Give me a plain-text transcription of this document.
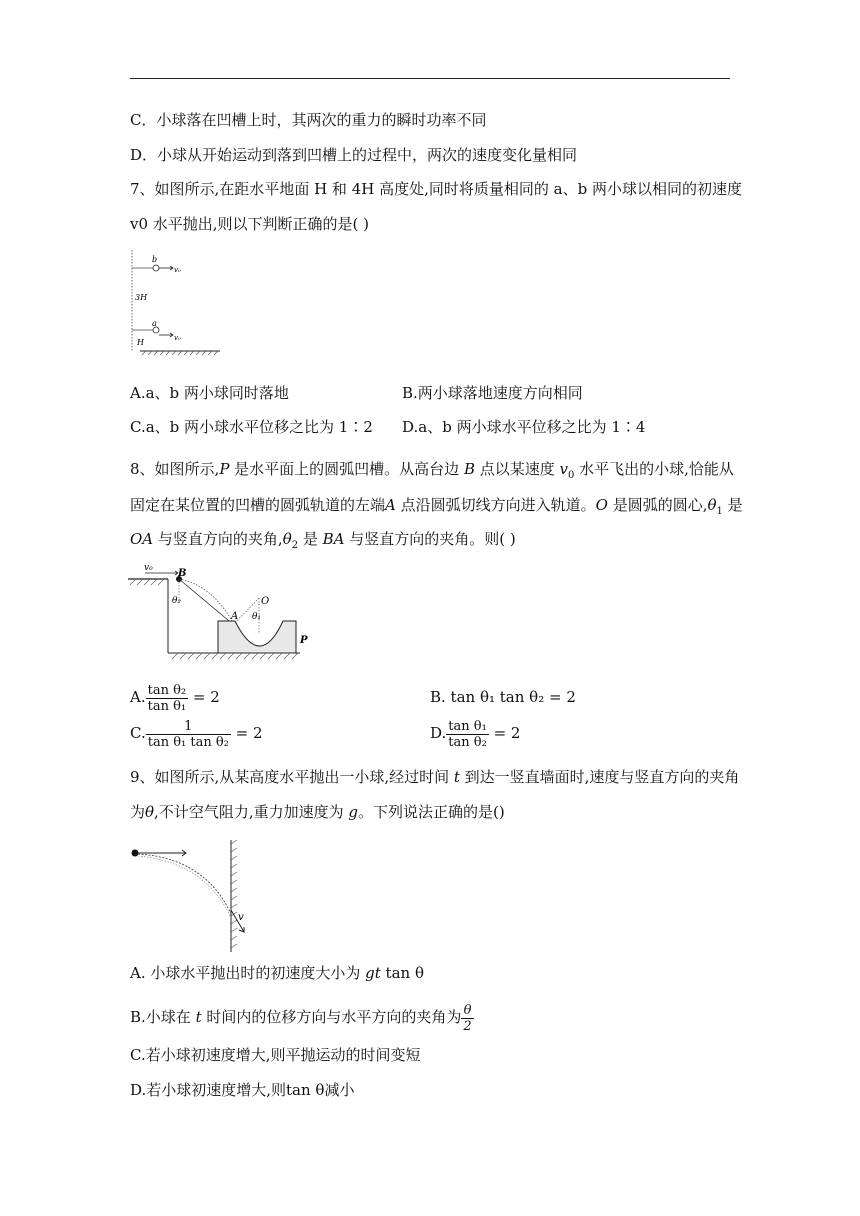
C．小球落在凹槽上时，其两次的重力的瞬时功率不同
D．小球从开始运动到落到凹槽上的过程中，两次的速度变化量相同
7、如图所示,在距水平地面 H 和 4H 高度处,同时将质量相同的 a、b 两小球以相同的初速度
v0 水平抛出,则以下判断正确的是( )
b
a
v₀
v₀
3H
H
A.a、b 两小球同时落地	B.两小球落地速度方向相同
C.a、b 两小球水平位移之比为 1∶2 D.a、b 两小球水平位移之比为 1∶4
8、如图所示,P 是水平面上的圆弧凹槽。从高台边 B 点以某速度 $v_0$ 水平飞出的小球,恰能从
固定在某位置的凹槽的圆弧轨道的左端A 点沿圆弧切线方向进入轨道。O 是圆弧的圆心$,\theta_1$ 是
OA 与竖直方向的夹角$,\theta_2$ 是 BA 与竖直方向的夹角。则( )
v₀	B
θ₂
A
O
θ₁
P
A. $\frac{\text{tan θ₂}}{\text{tan θ₁}} = 2$	B. tan θ₁ tan θ₂ = 2
C. $\frac{1}{\text{tan θ₁ tan θ₂}} = 2$	D. $\frac{\text{tan θ₁}}{\text{tan θ₂}} = 2$
9、如图所示,从某高度水平抛出一小球,经过时间 t 到达一竖直墙面时,速度与竖直方向的夹角
为θ,不计空气阻力,重力加速度为 g。下列说法正确的是()
v
A. 小球水平抛出时的初速度大小为 gt tan θ
B.小球在 t 时间内的位移方向与水平方向的夹角为 $\frac{\theta}{2}$
C.若小球初速度增大,则平抛运动的时间变短
D.若小球初速度增大,则tan θ减小
